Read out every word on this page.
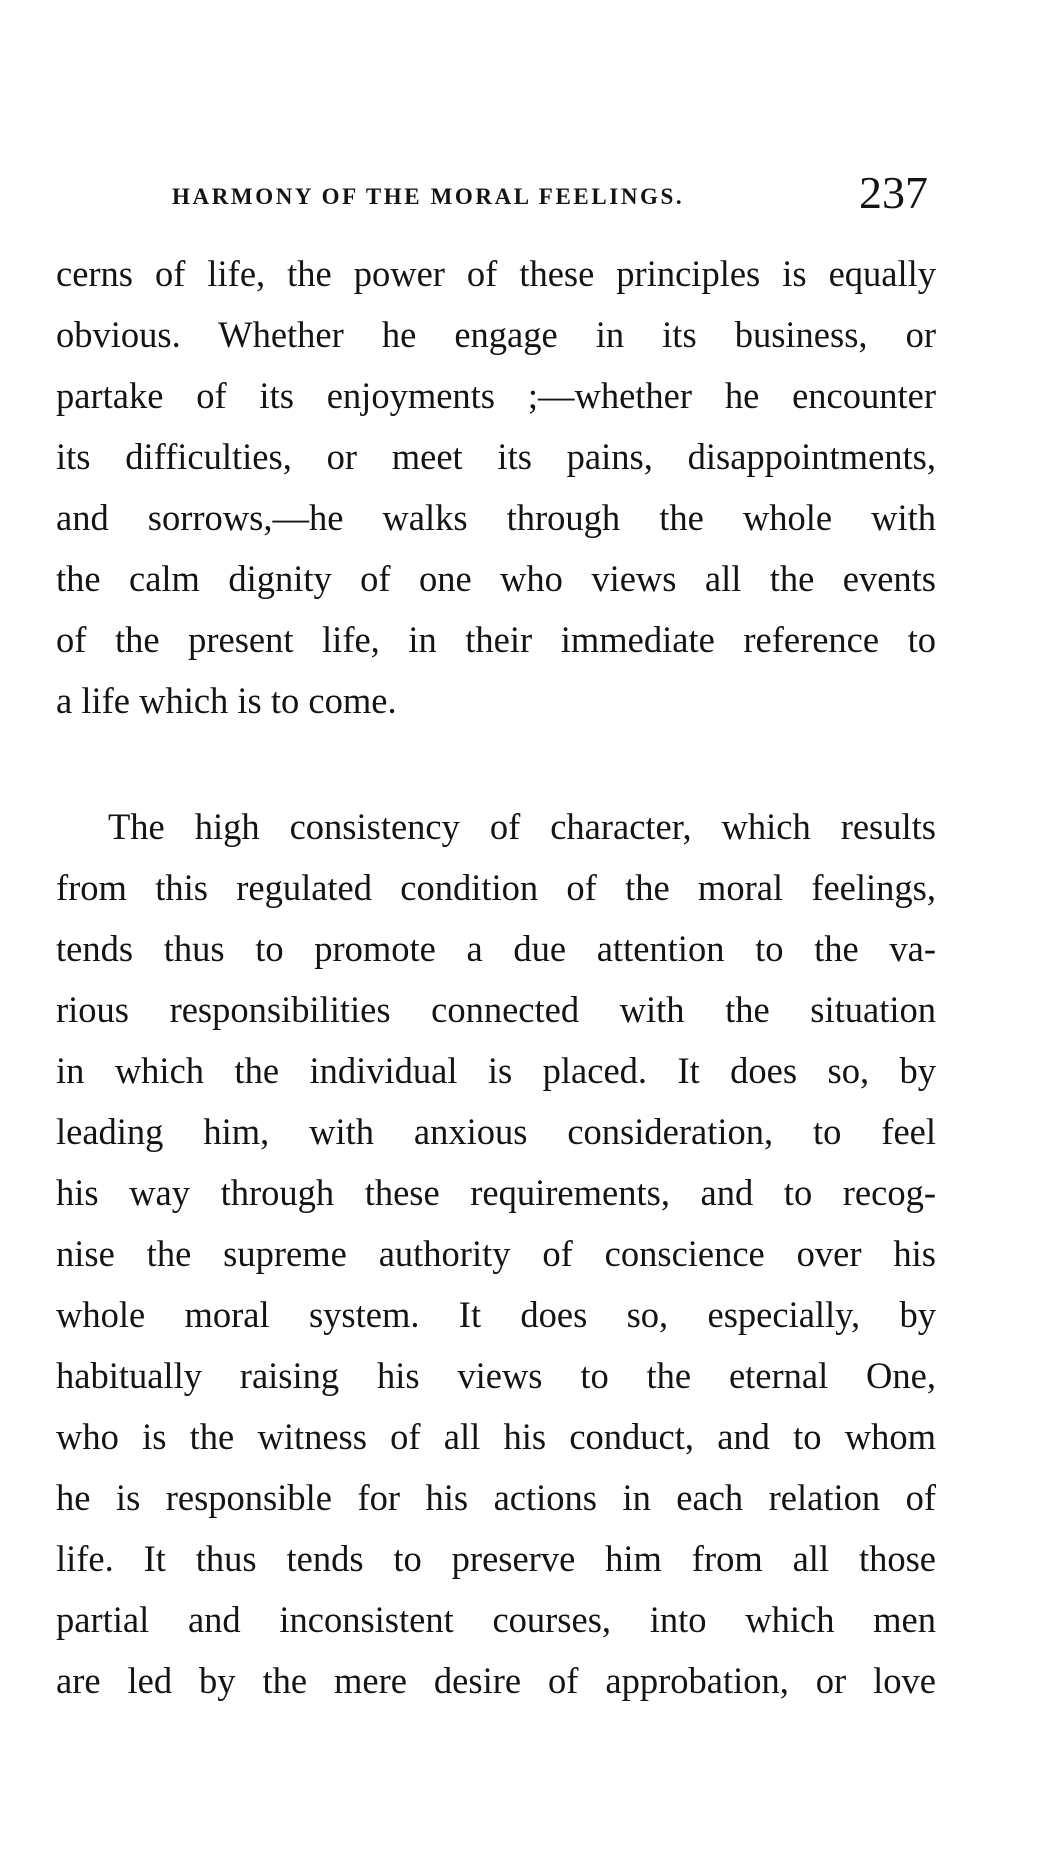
HARMONY OF THE MORAL FEELINGS.	237
cerns of life, the power of these principles is equally
obvious. Whether he engage in its business, or
partake of its enjoyments ;—whether he encounter
its difficulties, or meet its pains, disappointments,
and sorrows,—he walks through the whole with
the calm dignity of one who views all the events
of the present life, in their immediate reference to
a life which is to come.
The high consistency of character, which results
from this regulated condition of the moral feelings,
tends thus to promote a due attention to the va-
rious responsibilities connected with the situation
in which the individual is placed. It does so, by
leading him, with anxious consideration, to feel
his way through these requirements, and to recog-
nise the supreme authority of conscience over his
whole moral system. It does so, especially, by
habitually raising his views to the eternal One,
who is the witness of all his conduct, and to whom
he is responsible for his actions in each relation of
life. It thus tends to preserve him from all those
partial and inconsistent courses, into which men
are led by the mere desire of approbation, or love
